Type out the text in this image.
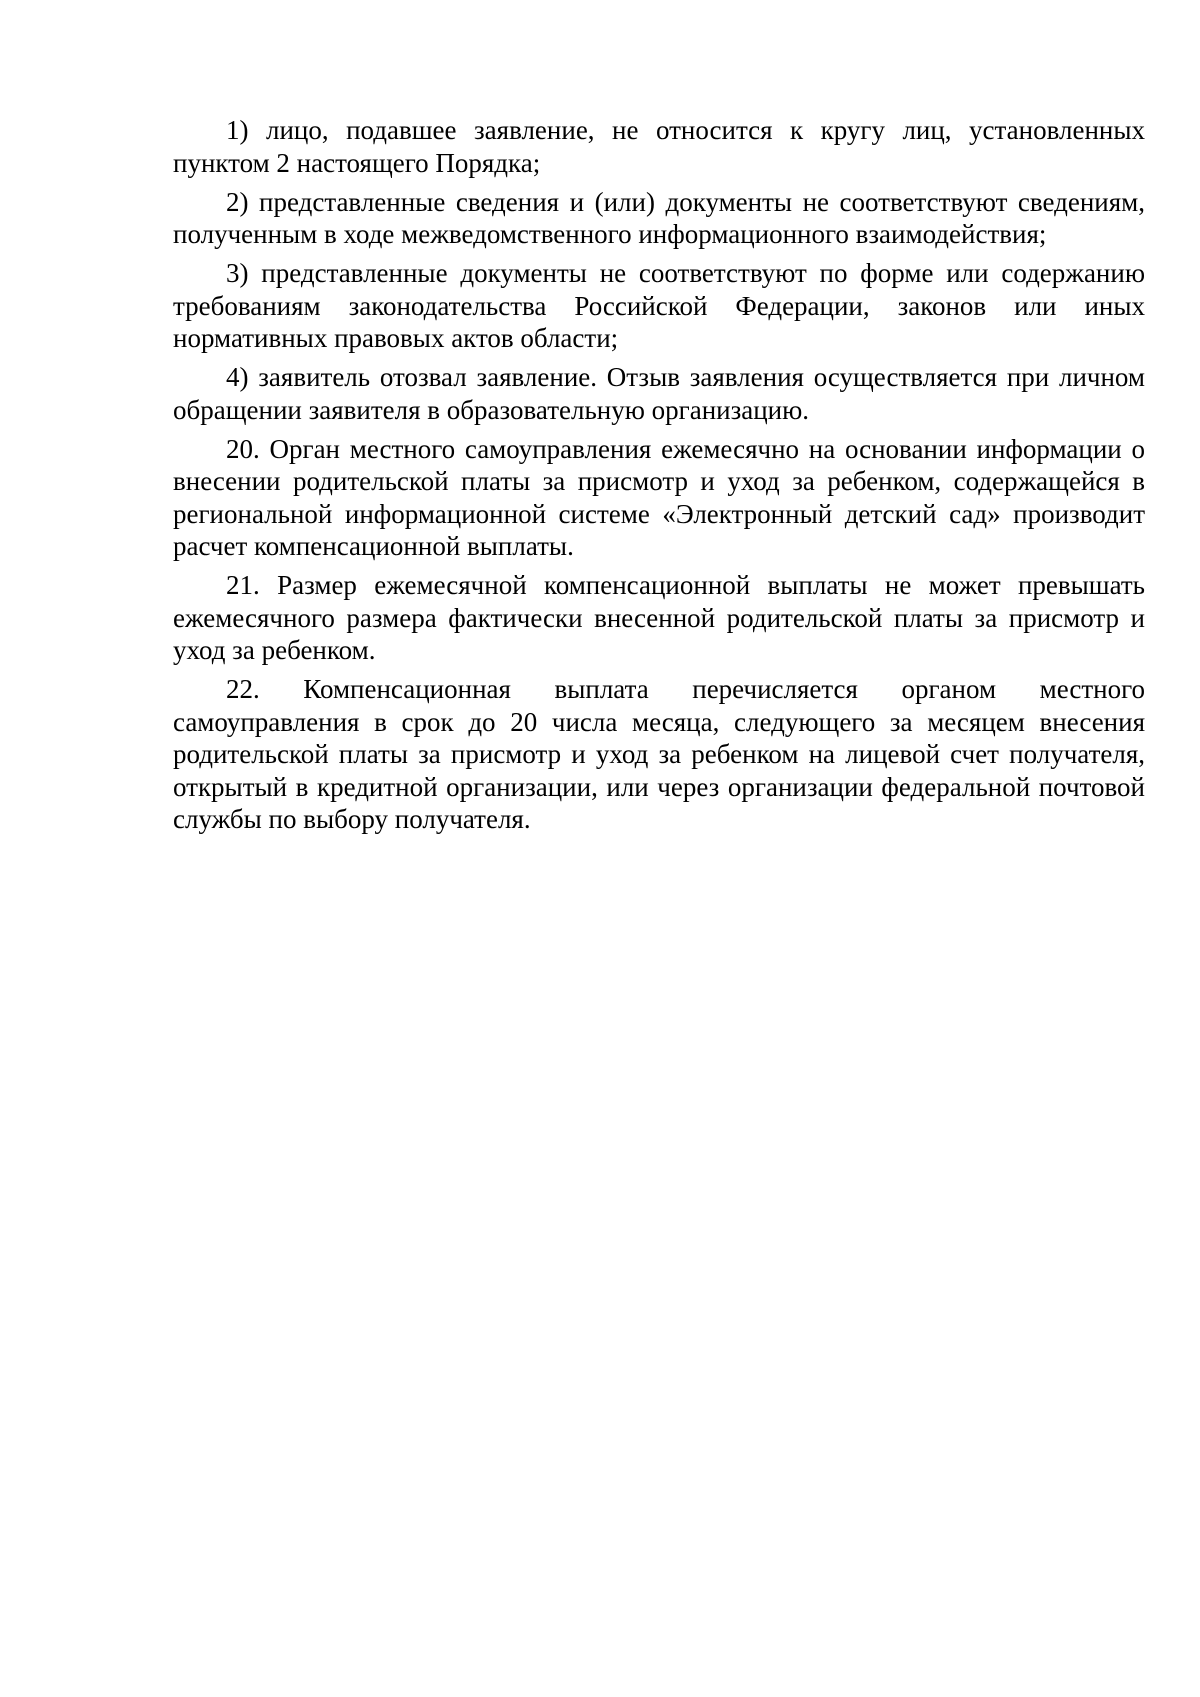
1) лицо, подавшее заявление, не относится к кругу лиц, установленных пунктом 2 настоящего Порядка;

2) представленные сведения и (или) документы не соответствуют сведениям, полученным в ходе межведомственного информационного взаимодействия;

3) представленные документы не соответствуют по форме или содержанию требованиям законодательства Российской Федерации, законов или иных нормативных правовых актов области;

4) заявитель отозвал заявление. Отзыв заявления осуществляется при личном обращении заявителя в образовательную организацию.

20. Орган местного самоуправления ежемесячно на основании информации о внесении родительской платы за присмотр и уход за ребенком, содержащейся в региональной информационной системе «Электронный детский сад» производит расчет компенсационной выплаты.

21. Размер ежемесячной компенсационной выплаты не может превышать ежемесячного размера фактически внесенной родительской платы за присмотр и уход за ребенком.

22. Компенсационная выплата перечисляется органом местного самоуправления в срок до 20 числа месяца, следующего за месяцем внесения родительской платы за присмотр и уход за ребенком на лицевой счет получателя, открытый в кредитной организации, или через организации федеральной почтовой службы по выбору получателя.
